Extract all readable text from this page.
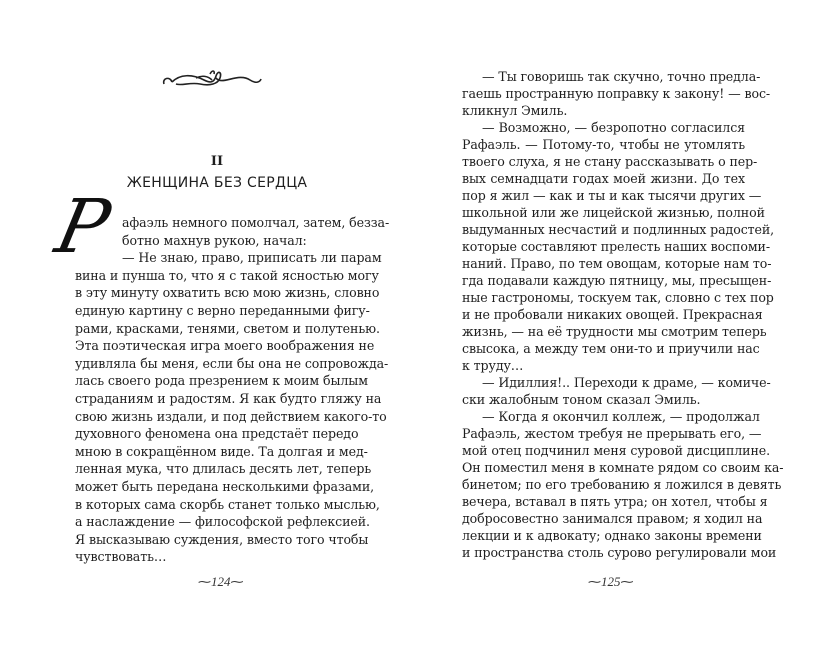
II
ЖЕНЩИНА БЕЗ СЕРДЦА
Р афаэль немного помолчал, затем, безза-
ботно махнув рукою, начал:
— Не знаю, право, приписать ли парам
вина и пунша то, что я с такой ясностью могу
в эту минуту охватить всю мою жизнь, словно
единую картину с верно переданными фигу-
рами, красками, тенями, светом и полутенью.
Эта поэтическая игра моего воображения не
удивляла бы меня, если бы она не сопровожда-
лась своего рода презрением к моим былым
страданиям и радостям. Я как будто гляжу на
свою жизнь издали, и под действием какого-то
духовного феномена она предстаёт передо
мною в сокращённом виде. Та долгая и мед-
ленная мука, что длилась десять лет, теперь
может быть передана несколькими фразами,
в которых сама скорбь станет только мыслью,
а наслаждение — философской рефлексией.
Я высказываю суждения, вместо того чтобы
чувствовать…
⁓124⁓
— Ты говоришь так скучно, точно предла-
гаешь пространную поправку к закону! — вос-
кликнул Эмиль.
— Возможно, — безропотно согласился
Рафаэль. — Потому-то, чтобы не утомлять
твоего слуха, я не стану рассказывать о пер-
вых семнадцати годах моей жизни. До тех
пор я жил — как и ты и как тысячи других —
школьной или же лицейской жизнью, полной
выдуманных несчастий и подлинных радостей,
которые составляют прелесть наших воспоми-
наний. Право, по тем овощам, которые нам то-
гда подавали каждую пятницу, мы, пресыщен-
ные гастрономы, тоскуем так, словно с тех пор
и не пробовали никаких овощей. Прекрасная
жизнь, — на её трудности мы смотрим теперь
свысока, а между тем они-то и приучили нас
к труду…
— Идиллия!.. Переходи к драме, — комиче-
ски жалобным тоном сказал Эмиль.
— Когда я окончил коллеж, — продолжал
Рафаэль, жестом требуя не прерывать его, —
мой отец подчинил меня суровой дисциплине.
Он поместил меня в комнате рядом со своим ка-
бинетом; по его требованию я ложился в девять
вечера, вставал в пять утра; он хотел, чтобы я
добросовестно занимался правом; я ходил на
лекции и к адвокату; однако законы времени
и пространства столь сурово регулировали мои
⁓125⁓
